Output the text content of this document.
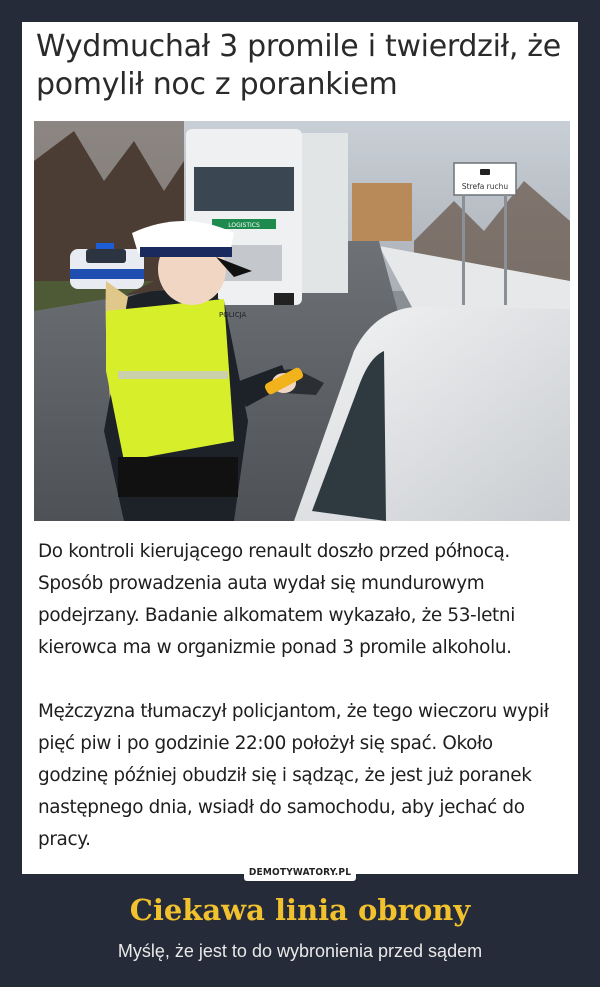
Wydmuchał 3 promile i twierdził, że pomylił noc z porankiem
LOGISTICS
Strefa ruchu
POLICJA

Do kontroli kierującego renault doszło przed północą. Sposób prowadzenia auta wydał się mundurowym podejrzany. Badanie alkomatem wykazało, że 53-letni kierowca ma w organizmie ponad 3 promile alkoholu.

Mężczyzna tłumaczył policjantom, że tego wieczoru wypił pięć piw i po godzinie 22:00 położył się spać. Około godzinę później obudził się i sądząc, że jest już poranek następnego dnia, wsiadł do samochodu, aby jechać do pracy.

DEMOTYWATORY.PL
Ciekawa linia obrony
Myślę, że jest to do wybronienia przed sądem
